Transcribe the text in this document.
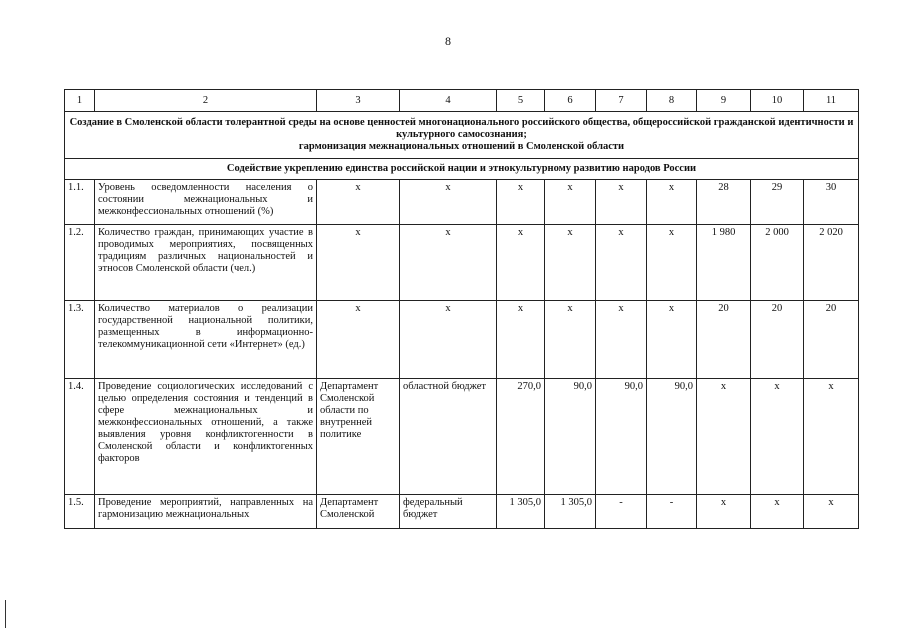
8
1	2	3	4	5	6	7	8	9	10	11

Создание в Смоленской области толерантной среды на основе ценностей многонационального российского общества, общероссийской гражданской идентичности и культурного самосознания;
гармонизация межнациональных отношений в Смоленской области										

Содействие укреплению единства российской нации и этнокультурному развитию народов России										
1.1.	Уровень осведомленности населения о состоянии межнациональных и межконфессиональных отношений (%)	x	x	x	x	x	x	28	29	30
1.2.	Количество граждан, принимающих участие в проводимых мероприятиях, посвященных традициям различных национальностей и этносов Смоленской области (чел.)	x	x	x	x	x	x	1 980	2 000	2 020
1.3.	Количество материалов о реализации государственной национальной политики, размещенных в информационно-телекоммуникационной сети «Интернет» (ед.)	x	x	x	x	x	x	20	20	20
1.4.	Проведение социологических исследований с целью определения состояния и тенденций в сфере межнациональных и межконфессиональных отношений, а также выявления уровня конфликтогенности в Смоленской области и конфликтогенных факторов	Департамент Смоленской области по внутренней политике	областной бюджет	270,0	90,0	90,0	90,0	x	x	x
1.5.	Проведение мероприятий, направленных на гармонизацию межнациональных	Департамент Смоленской	федеральный бюджет	1 305,0	1 305,0	-	-	x	x	x
